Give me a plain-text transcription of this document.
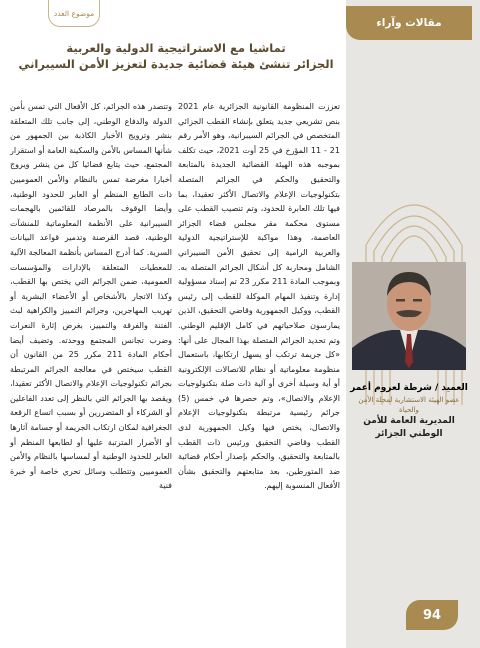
مقالات وآراء
العميد / شرطة لعروم أعمر
عضو الهيئة الاستشارية لمجلة الأمن والحياة
المديرية العامة للأمن الوطني الجزائر
موضوع العدد
تماشيا مع الاستراتيجية الدولية والعربية
الجزائر تنشئ هيئة قضائية جديدة لتعزيز الأمن السيبراني
تعززت المنظومة القانونية الجزائرية عام 2021 بنص تشريعي جديد يتعلق بإنشاء القطب الجزائي المتخصص في الجرائم السيبرانية، وهو الأمر رقم 21 - 11 المؤرخ في 25 أوت 2021، حيث تكلف بموجبه هذه الهيئة القضائية الجديدة بالمتابعة والتحقيق والحكم في الجرائم المتصلة بتكنولوجيات الإعلام والاتصال الأكثر تعقيدا، بما فيها تلك العابرة للحدود، وتم تنصيب القطب على مستوى محكمة مقر مجلس قضاء الجزائر العاصمة، وهذا مواكبة للإستراتيجية الدولية والعربية الرامية إلى تحقيق الأمن السيبراني الشامل ومحاربة كل أشكال الجرائم المتصلة به. وبموجب المادة 211 مكرر 23 تم إسناد مسؤولية إدارة وتنفيذ المهام الموكلة للقطب إلى رئيس القطب، ووكيل الجمهورية وقاضي التحقيق، الذين يمارسون صلاحياتهم في كامل الإقليم الوطني. وتم تحديد الجرائم المتصلة بهذا المجال على أنها: «كل جريمة ترتكب أو يسهل ارتكابها، باستعمال منظومة معلوماتية أو نظام للاتصالات الإلكترونية أو أية وسيلة أخرى أو آلية ذات صلة بتكنولوجيات الإعلام والاتصال»، وتم حصرها في خمس (5) جرائم رئيسية مرتبطة بتكنولوجيات الإعلام والاتصال، يختص فيها وكيل الجمهورية لدى القطب وقاضي التحقيق ورئيس ذات القطب بالمتابعة والتحقيق، والحكم بإصدار أحكام قضائية ضد المتورطين، بعد متابعتهم والتحقيق بشأن الأفعال المنسوبة إليهم.
وتتصدر هذه الجرائم، كل الأفعال التي تمس بأمن الدولة والدفاع الوطني، إلى جانب تلك المتعلقة بنشر وترويج الأخبار الكاذبة بين الجمهور من شأنها المساس بالأمن والسكينة العامة أو استقرار المجتمع، حيث يتابع قضائيا كل من ينشر ويروج أخبارا مغرضة تمس بالنظام والأمن العموميين ذات الطابع المنظم أو العابر للحدود الوطنية، وأيضا الوقوف بالمرصاد للقائمين بالهجمات السيبرانية على الأنظمة المعلوماتية للمنشآت الوطنية، قصد القرصنة وتدمير قواعد البيانات السرية. كما أدرج المساس بأنظمة المعالجة الآلية للمعطيات المتعلقة بالإدارات والمؤسسات العمومية، ضمن الجرائم التي يختص بها القطب، وكذا الاتجار بالأشخاص أو الأعضاء البشرية أو تهريب المهاجرين، وجرائم التمييز والكراهية لبث الفتنة والفرقة والتمييز، بغرض إثارة النعرات وضرب تجانس المجتمع ووحدته. وتضيف أيضا أحكام المادة 211 مكرر 25 من القانون أن القطب سيختص في معالجة الجرائم المرتبطة بجرائم تكنولوجيات الإعلام والاتصال الأكثر تعقيدا، ويقصد بها الجرائم التي بالنظر إلى تعدد الفاعلين أو الشركاء أو المتضررين أو بسبب اتساع الرقعة الجغرافية لمكان ارتكاب الجريمة أو جسامة آثارها أو الأضرار المترتبة عليها أو لطابعها المنظم أو العابر للحدود الوطنية أو لمساسها بالنظام والأمن العموميين وتتطلب وسائل تحري خاصة أو خبرة فنية
94
